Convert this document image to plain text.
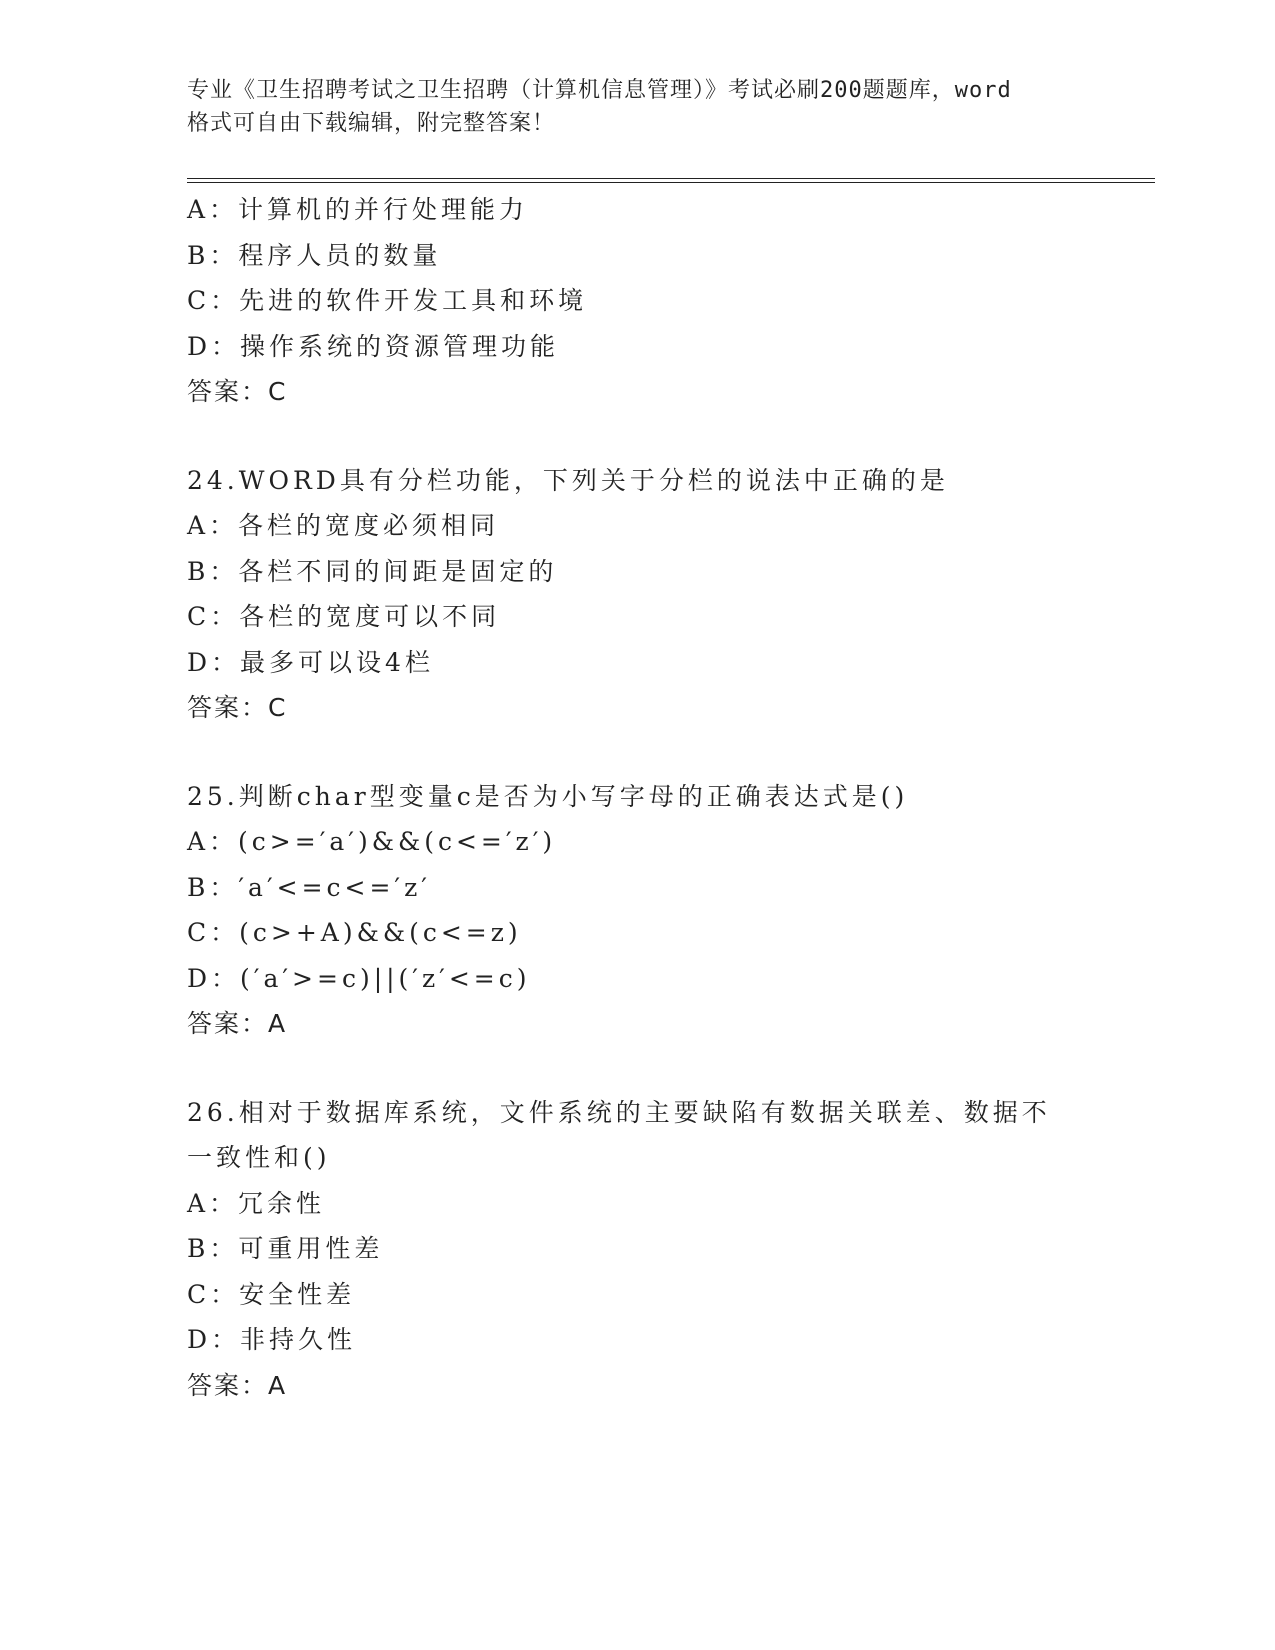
专业《卫生招聘考试之卫生招聘（计算机信息管理）》考试必刷200题题库，word
格式可自由下载编辑，附完整答案！
A：计算机的并行处理能力
B：程序人员的数量
C：先进的软件开发工具和环境
D：操作系统的资源管理功能
答案：C
24.WORD具有分栏功能，下列关于分栏的说法中正确的是
A：各栏的宽度必须相同
B：各栏不同的间距是固定的
C：各栏的宽度可以不同
D：最多可以设4栏
答案：C
25.判断char型变量c是否为小写字母的正确表达式是()
A：(c>=′a′)&&(c<=′z′)
B：′a′<=c<=′z′
C：(c>+A)&&(c<=z)
D：(′a′>=c)||(′z′<=c)
答案：A
26.相对于数据库系统，文件系统的主要缺陷有数据关联差、数据不一致性和()
A：冗余性
B：可重用性差
C：安全性差
D：非持久性
答案：A
